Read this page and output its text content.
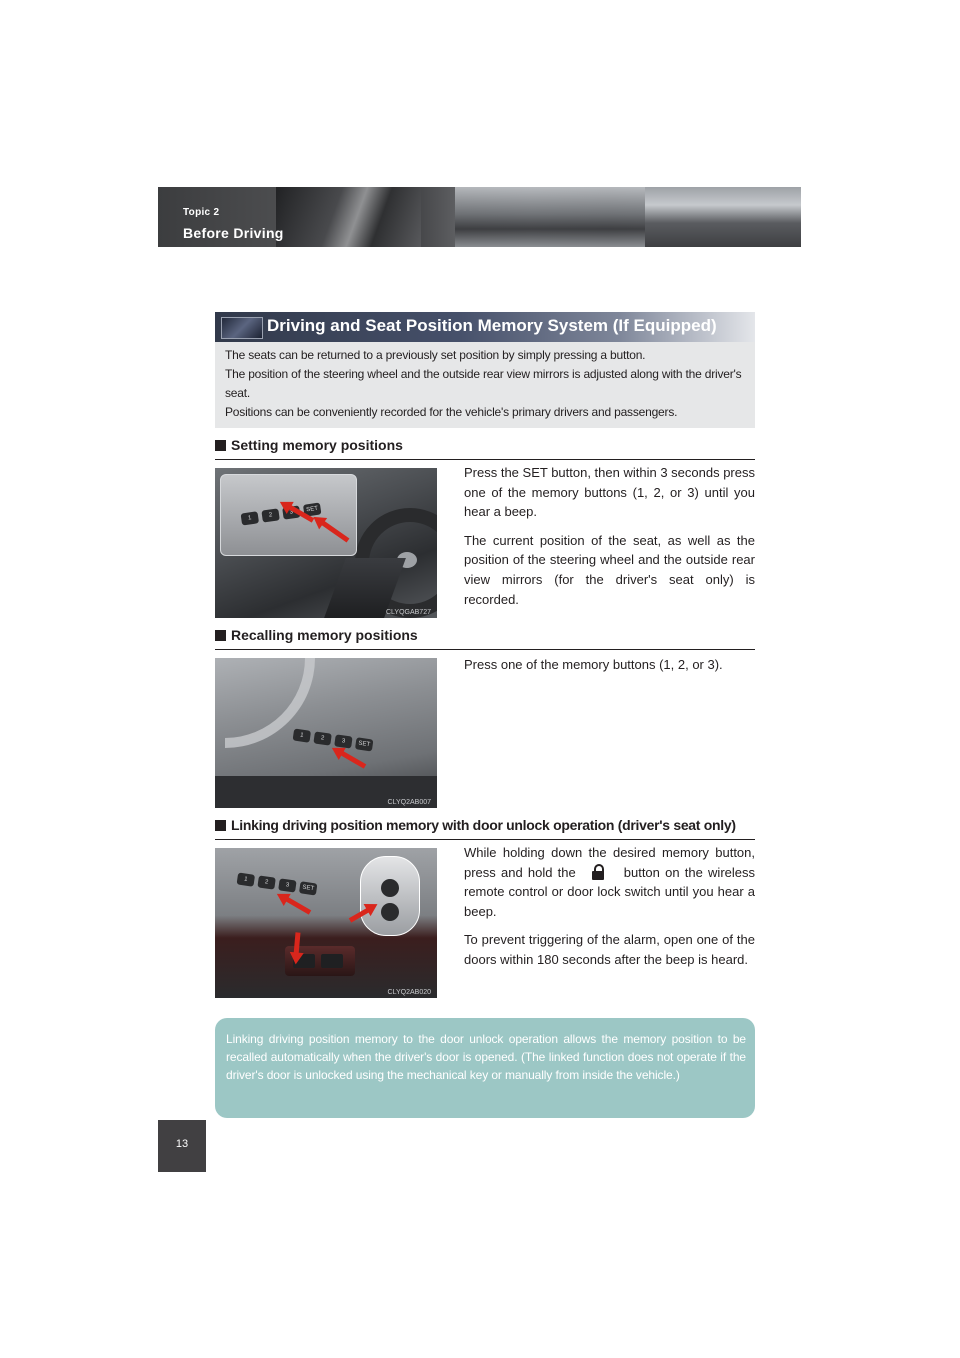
Topic 2
Before Driving
Driving and Seat Position Memory System (If Equipped)

The seats can be returned to a previously set position by simply pressing a button.

The position of the steering wheel and the outside rear view mirrors is adjusted along with the driver's seat.

Positions can be conveniently recorded for the vehicle's primary drivers and passengers.

Setting memory positions
1	2	3	SET
CLYQGAB727

Press the SET button, then within 3 seconds press one of the memory buttons (1, 2, or 3) until you hear a beep.

The current position of the seat, as well as the position of the steering wheel and the outside rear view mirrors (for the driver's seat only) is recorded.

Recalling memory positions
1	2	3	SET
CLYQ2AB007

Press one of the memory buttons (1, 2, or 3).

Linking driving position memory with door unlock operation (driver's seat only)
1	2	3	SET
CLYQ2AB020

While holding down the desired memory button, press and hold the	button on the wireless remote control or door lock switch until you hear a beep.

To prevent triggering of the alarm, open one of the doors within 180 seconds after the beep is heard.

Linking driving position memory to the door unlock operation allows the memory position to be recalled automatically when the driver's door is opened. (The linked function does not operate if the driver's door is unlocked using the mechanical key or manually from inside the vehicle.)
13
